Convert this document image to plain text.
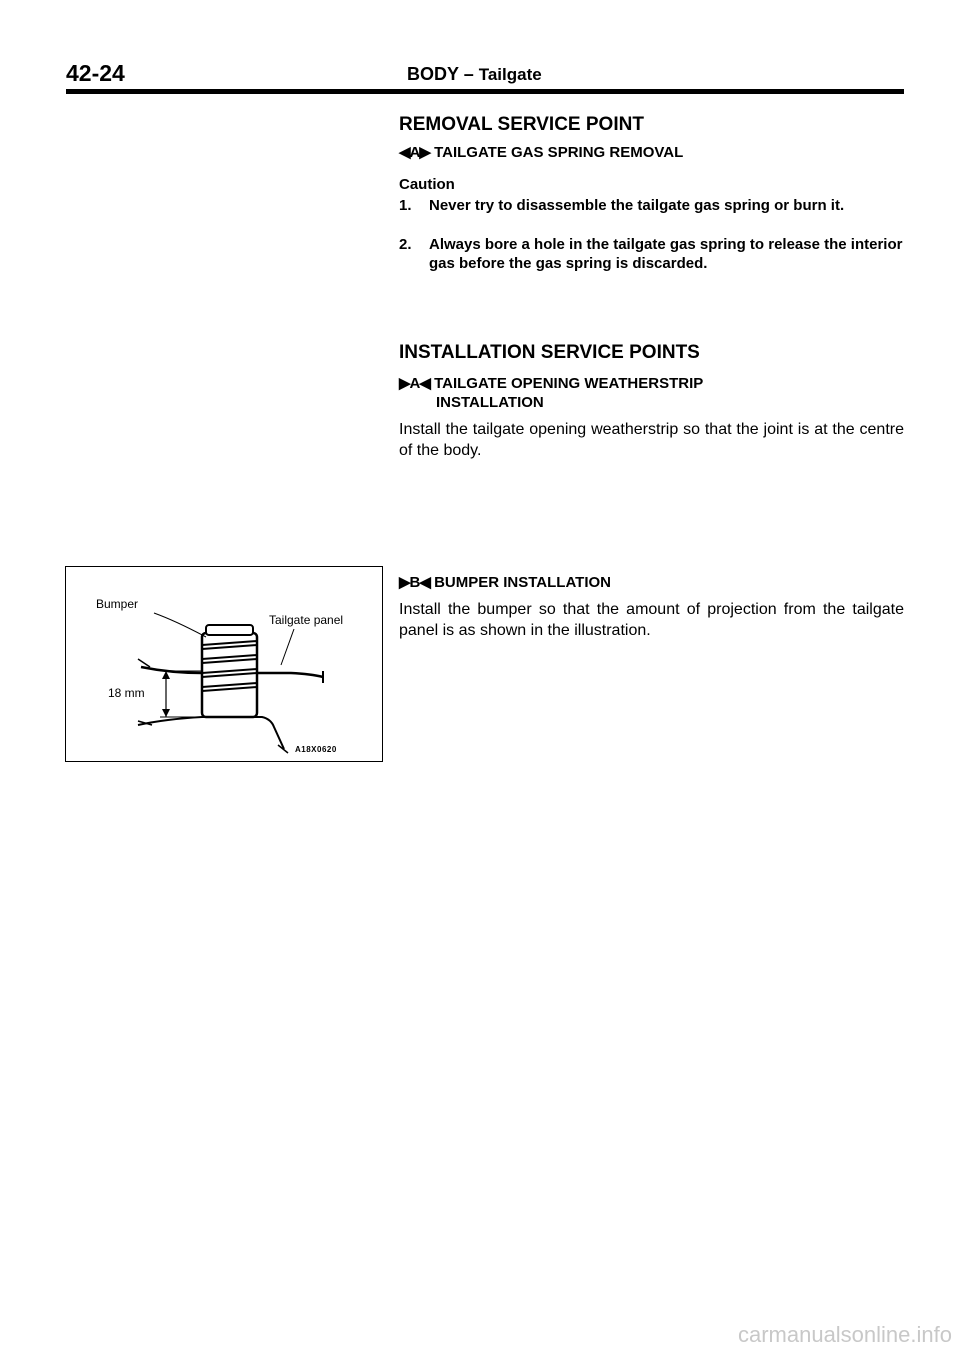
42-24	BODY – Tailgate
REMOVAL SERVICE POINT
◀A▶ TAILGATE GAS SPRING REMOVAL
Caution
1. Never try to disassemble the tailgate gas spring or burn it.
2. Always bore a hole in the tailgate gas spring to release the interior gas before the gas spring is discarded.
INSTALLATION SERVICE POINTS
▶A◀ TAILGATE OPENING WEATHERSTRIP
INSTALLATION
Install the tailgate opening weatherstrip so that the joint is at the centre of the body.
▶B◀ BUMPER INSTALLATION
Install the bumper so that the amount of projection from the tailgate panel is as shown in the illustration.
Bumper
Tailgate panel
18 mm
A18X0620
carmanualsonline.info
